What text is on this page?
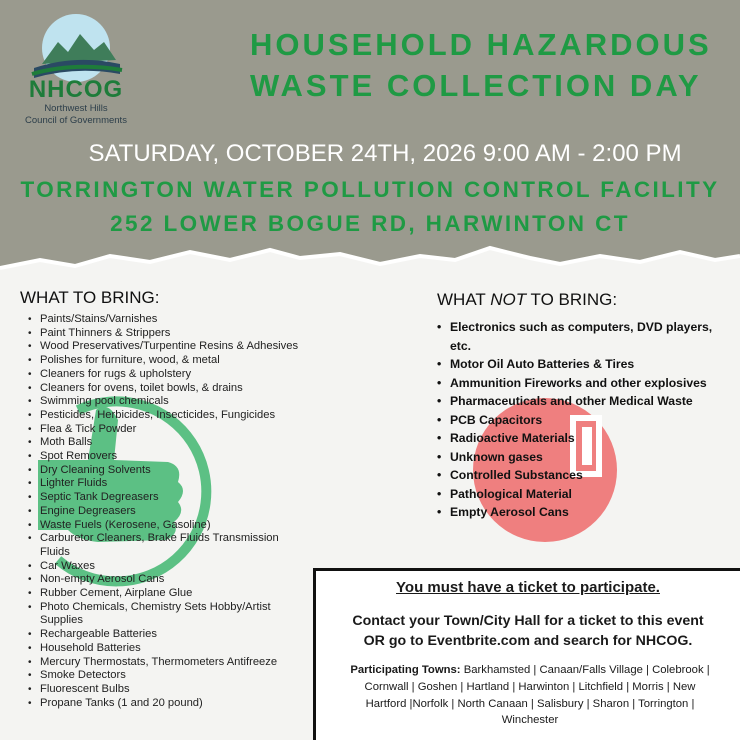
NHCOG
Northwest Hills
Council of Governments
HOUSEHOLD HAZARDOUS
WASTE COLLECTION DAY
SATURDAY, OCTOBER 24TH, 2026 9:00 AM - 2:00 PM
TORRINGTON WATER POLLUTION CONTROL FACILITY
252 LOWER BOGUE RD, HARWINTON CT
WHAT TO BRING:
• Paints/Stains/Varnishes
• Paint Thinners & Strippers
• Wood Preservatives/Turpentine Resins & Adhesives
• Polishes for furniture, wood, & metal
• Cleaners for rugs & upholstery
• Cleaners for ovens, toilet bowls, & drains
• Swimming pool chemicals
• Pesticides, Herbicides, Insecticides, Fungicides
• Flea & Tick Powder
• Moth Balls
• Spot Removers
• Dry Cleaning Solvents
• Lighter Fluids
• Septic Tank Degreasers
• Engine Degreasers
• Waste Fuels (Kerosene, Gasoline)
• Carburetor Cleaners, Brake Fluids Transmission Fluids
• Car Waxes
• Non-empty Aerosol Cans
• Rubber Cement, Airplane Glue
• Photo Chemicals, Chemistry Sets Hobby/Artist Supplies
• Rechargeable Batteries
• Household Batteries
• Mercury Thermostats, Thermometers Antifreeze
• Smoke Detectors
• Fluorescent Bulbs
• Propane Tanks (1 and 20 pound)
WHAT NOT TO BRING:
• Electronics such as computers, DVD players, etc.
• Motor Oil Auto Batteries & Tires
• Ammunition Fireworks and other explosives
• Pharmaceuticals and other Medical Waste
• PCB Capacitors
• Radioactive Materials
• Unknown gases
• Controlled Substances
• Pathological Material
• Empty Aerosol Cans
You must have a ticket to participate.
Contact your Town/City Hall for a ticket to this event
OR go to Eventbrite.com and search for NHCOG.
Participating Towns: Barkhamsted | Canaan/Falls Village | Colebrook |
Cornwall | Goshen | Hartland | Harwinton | Litchfield | Morris | New
Hartford |Norfolk | North Canaan | Salisbury | Sharon | Torrington |
Winchester
